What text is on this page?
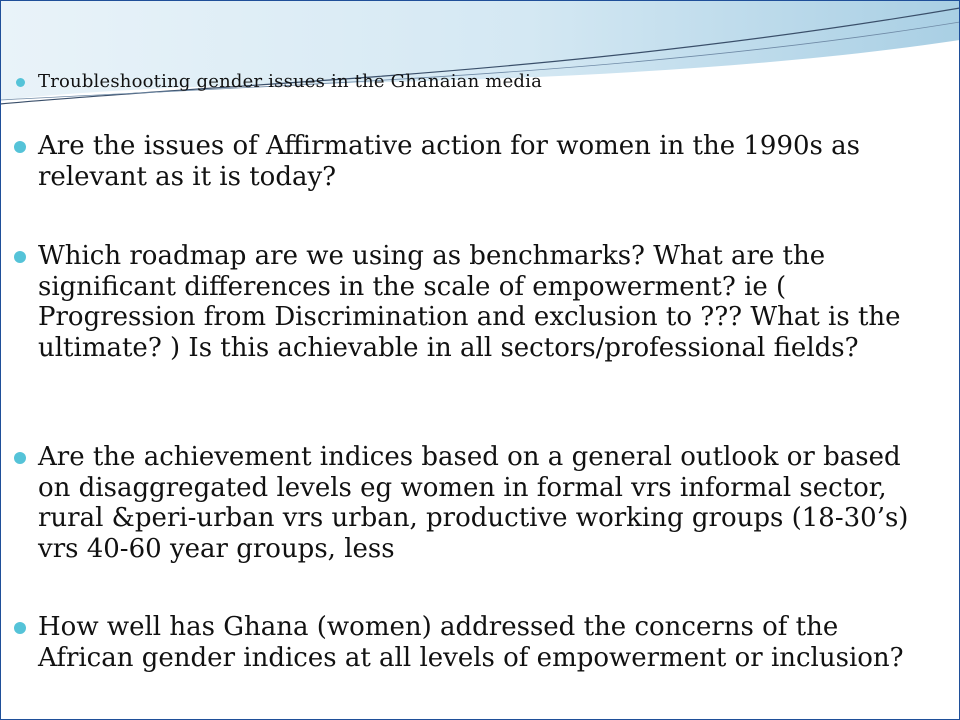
Troubleshooting gender issues in the Ghanaian media
Are the issues of Affirmative action for women in the 1990s as relevant as it is today?
Which roadmap are we using as benchmarks? What are the significant differences in the scale of empowerment? ie ( Progression from Discrimination and exclusion to ??? What is the ultimate? ) Is this achievable in all sectors/professional fields?
Are the achievement indices based on a general outlook or based on disaggregated levels eg women in formal vrs informal sector, rural &peri-urban vrs urban, productive working groups (18-30’s) vrs 40-60 year groups, less
How well has Ghana (women) addressed the concerns of the African gender indices at all levels of empowerment or inclusion?
